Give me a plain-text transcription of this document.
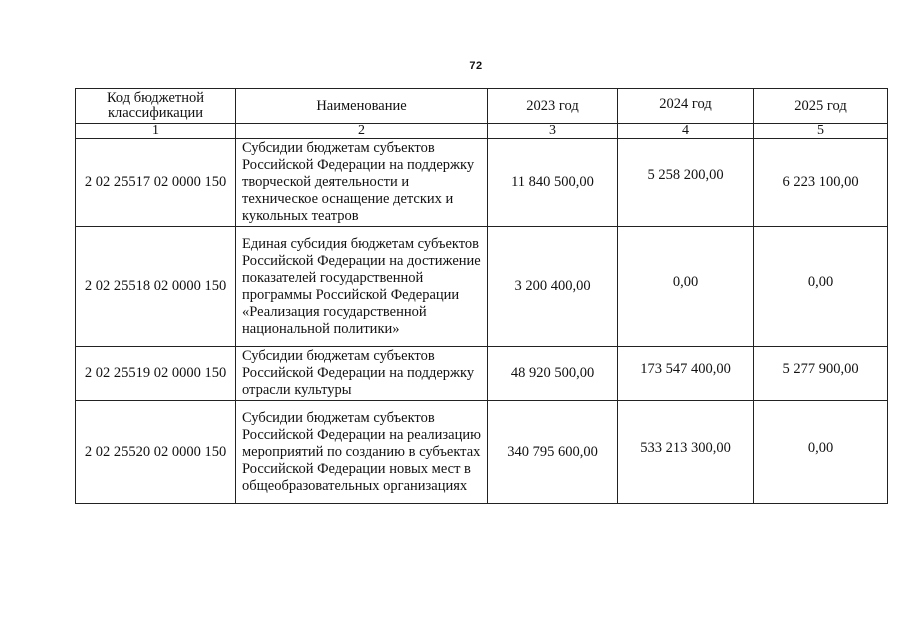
72
Код бюджетной классификации	Наименование	2023 год	2024 год	2025 год
1	2	3	4	5
2 02 25517 02 0000 150	Субсидии бюджетам субъектов Российской Федерации на поддержку творческой деятельности и техническое оснащение детских и кукольных театров	11 840 500,00	5 258 200,00	6 223 100,00
2 02 25518 02 0000 150	Единая субсидия бюджетам субъектов Российской Федерации на достижение показателей государственной программы Российской Федерации «Реализация государственной национальной политики»	3 200 400,00	0,00	0,00
2 02 25519 02 0000 150	Субсидии бюджетам субъектов Российской Федерации на поддержку отрасли культуры	48 920 500,00	173 547 400,00	5 277 900,00
2 02 25520 02 0000 150	Субсидии бюджетам субъектов Российской Федерации на реализацию мероприятий по созданию в субъектах Российской Федерации новых мест в общеобразовательных организациях	340 795 600,00	533 213 300,00	0,00
